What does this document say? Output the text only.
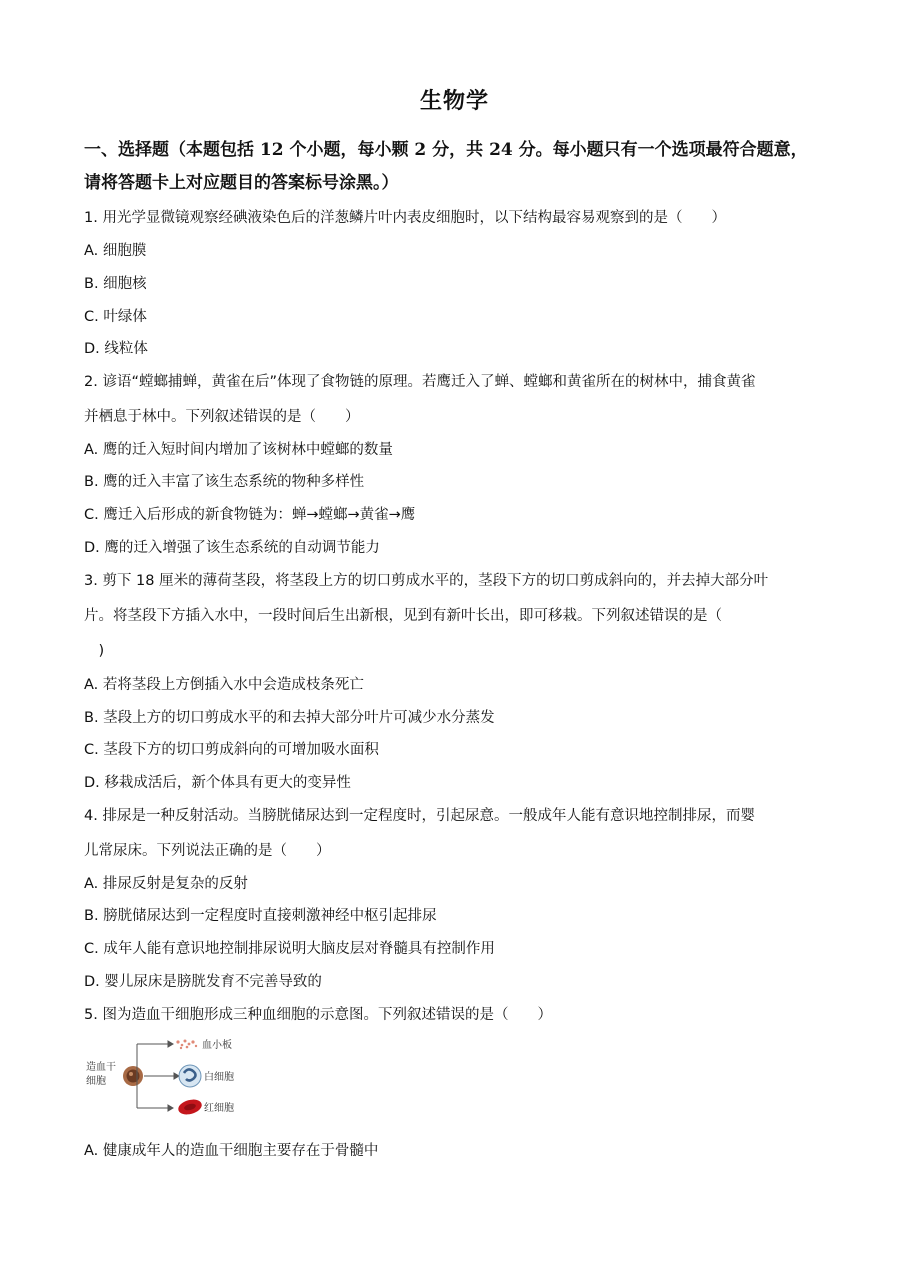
生物学
一、选择题（本题包括 12 个小题，每小颗 2 分，共 24 分。每小题只有一个选项最符合题意，
请将答题卡上对应题目的答案标号涂黑。）
1. 用光学显微镜观察经碘液染色后的洋葱鳞片叶内表皮细胞时，以下结构最容易观察到的是（　　）
A. 细胞膜
B. 细胞核
C. 叶绿体
D. 线粒体
2. 谚语“螳螂捕蝉，黄雀在后”体现了食物链的原理。若鹰迁入了蝉、螳螂和黄雀所在的树林中，捕食黄雀
并栖息于林中。下列叙述错误的是（　　）
A. 鹰的迁入短时间内增加了该树林中螳螂的数量
B. 鹰的迁入丰富了该生态系统的物种多样性
C. 鹰迁入后形成的新食物链为：蝉→螳螂→黄雀→鹰
D. 鹰的迁入增强了该生态系统的自动调节能力
3. 剪下 18 厘米的薄荷茎段，将茎段上方的切口剪成水平的，茎段下方的切口剪成斜向的，并去掉大部分叶
片。将茎段下方插入水中，一段时间后生出新根，见到有新叶长出，即可移栽。下列叙述错误的是（
　)
A. 若将茎段上方倒插入水中会造成枝条死亡
B. 茎段上方的切口剪成水平的和去掉大部分叶片可减少水分蒸发
C. 茎段下方的切口剪成斜向的可增加吸水面积
D. 移栽成活后，新个体具有更大的变异性
4. 排尿是一种反射活动。当膀胱储尿达到一定程度时，引起尿意。一般成年人能有意识地控制排尿，而婴
儿常尿床。下列说法正确的是（　　）
A. 排尿反射是复杂的反射
B. 膀胱储尿达到一定程度时直接刺激神经中枢引起排尿
C. 成年人能有意识地控制排尿说明大脑皮层对脊髓具有控制作用
D. 婴儿尿床是膀胱发育不完善导致的
5. 图为造血干细胞形成三种血细胞的示意图。下列叙述错误的是（　　）
造血干
细胞
血小板
白细胞
红细胞
A. 健康成年人的造血干细胞主要存在于骨髓中
